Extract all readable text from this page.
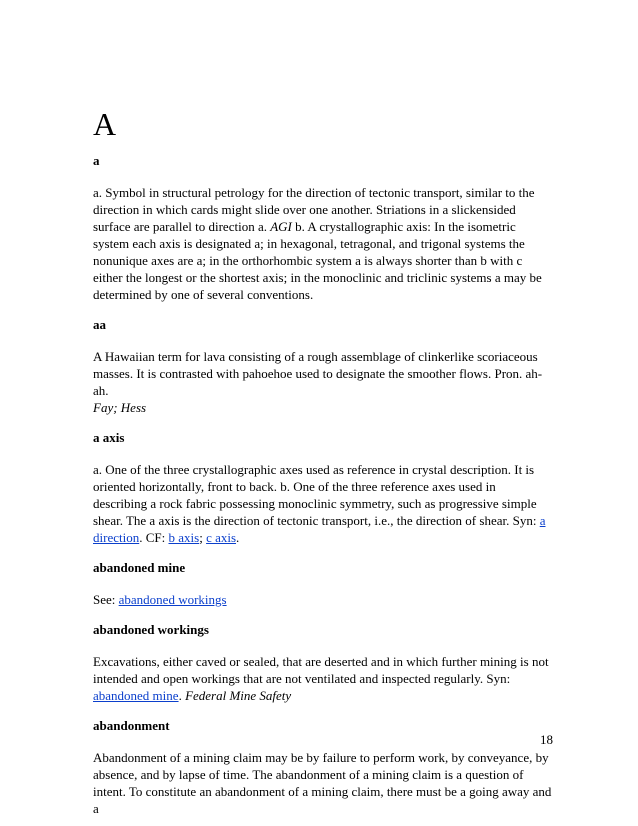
A

a

a. Symbol in structural petrology for the direction of tectonic transport, similar to the direction in which cards might slide over one another. Striations in a slickensided surface are parallel to direction a. AGI b. A crystallographic axis: In the isometric system each axis is designated a; in hexagonal, tetragonal, and trigonal systems the nonunique axes are a; in the orthorhombic system a is always shorter than b with c either the longest or the shortest axis; in the monoclinic and triclinic systems a may be determined by one of several conventions.

aa

A Hawaiian term for lava consisting of a rough assemblage of clinkerlike scoriaceous masses. It is contrasted with pahoehoe used to designate the smoother flows. Pron. ah-ah.
Fay; Hess

a axis

a. One of the three crystallographic axes used as reference in crystal description. It is oriented horizontally, front to back. b. One of the three reference axes used in describing a rock fabric possessing monoclinic symmetry, such as progressive simple shear. The a axis is the direction of tectonic transport, i.e., the direction of shear. Syn: a direction. CF: b axis; c axis.

abandoned mine

See: abandoned workings

abandoned workings

Excavations, either caved or sealed, that are deserted and in which further mining is not intended and open workings that are not ventilated and inspected regularly. Syn: abandoned mine. Federal Mine Safety

abandonment

Abandonment of a mining claim may be by failure to perform work, by conveyance, by absence, and by lapse of time. The abandonment of a mining claim is a question of intent. To constitute an abandonment of a mining claim, there must be a going away and a

18
